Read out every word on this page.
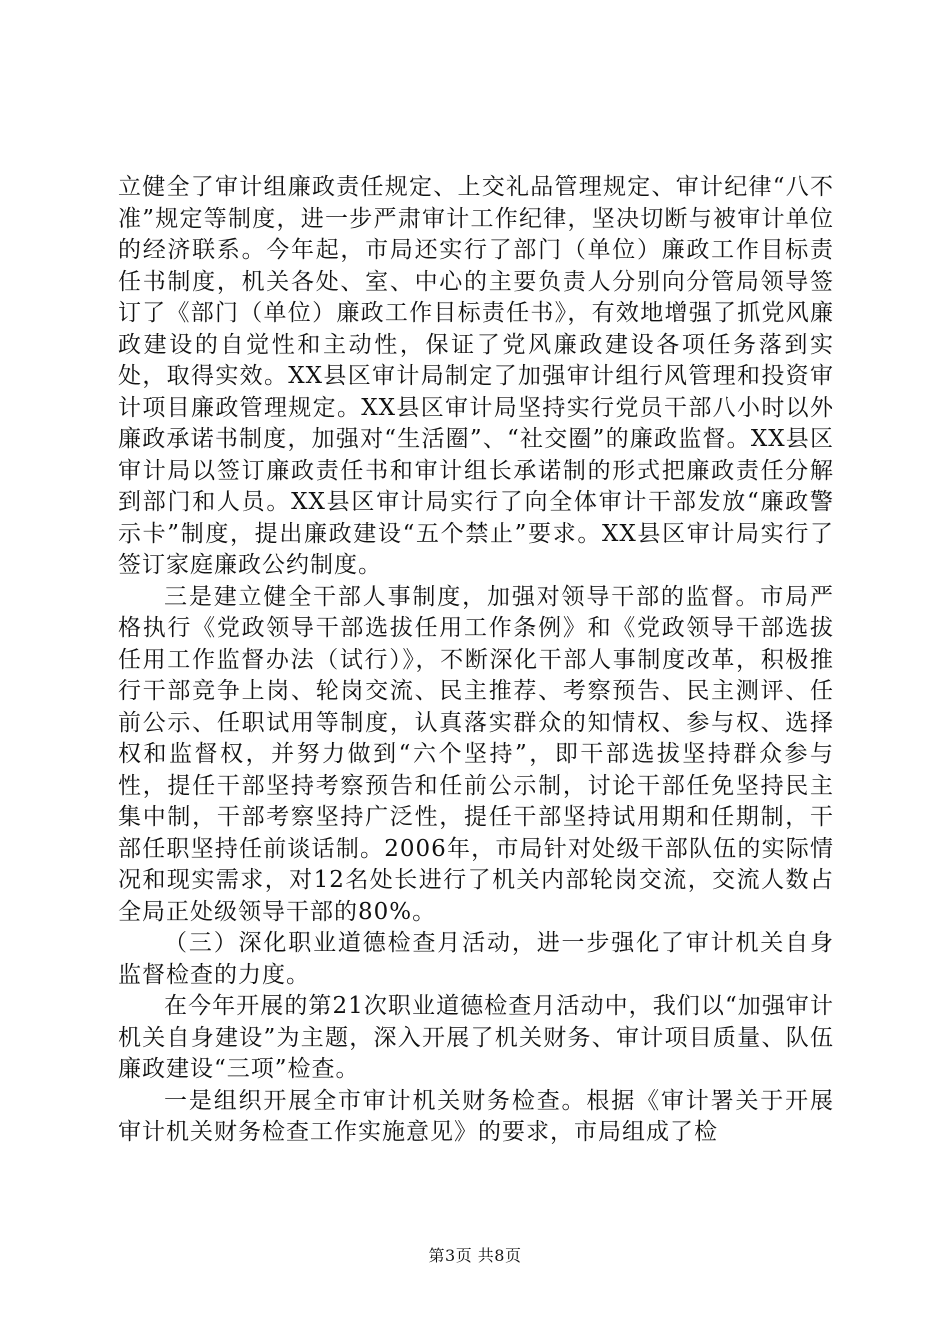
立健全了审计组廉政责任规定、上交礼品管理规定、审计纪律“八不准”规定等制度，进一步严肃审计工作纪律，坚决切断与被审计单位的经济联系。今年起，市局还实行了部门（单位）廉政工作目标责任书制度，机关各处、室、中心的主要负责人分别向分管局领导签订了《部门（单位）廉政工作目标责任书》，有效地增强了抓党风廉政建设的自觉性和主动性，保证了党风廉政建设各项任务落到实处，取得实效。XX县区审计局制定了加强审计组行风管理和投资审计项目廉政管理规定。XX县区审计局坚持实行党员干部八小时以外廉政承诺书制度，加强对“生活圈”、“社交圈”的廉政监督。XX县区审计局以签订廉政责任书和审计组长承诺制的形式把廉政责任分解到部门和人员。XX县区审计局实行了向全体审计干部发放“廉政警示卡”制度，提出廉政建设“五个禁止”要求。XX县区审计局实行了签订家庭廉政公约制度。

三是建立健全干部人事制度，加强对领导干部的监督。市局严格执行《党政领导干部选拔任用工作条例》和《党政领导干部选拔任用工作监督办法（试行）》，不断深化干部人事制度改革，积极推行干部竞争上岗、轮岗交流、民主推荐、考察预告、民主测评、任前公示、任职试用等制度，认真落实群众的知情权、参与权、选择权和监督权，并努力做到“六个坚持”，即干部选拔坚持群众参与性，提任干部坚持考察预告和任前公示制，讨论干部任免坚持民主集中制，干部考察坚持广泛性，提任干部坚持试用期和任期制，干部任职坚持任前谈话制。2006年，市局针对处级干部队伍的实际情况和现实需求，对12名处长进行了机关内部轮岗交流，交流人数占全局正处级领导干部的80%。

（三）深化职业道德检查月活动，进一步强化了审计机关自身监督检查的力度。

在今年开展的第21次职业道德检查月活动中，我们以“加强审计机关自身建设”为主题，深入开展了机关财务、审计项目质量、队伍廉政建设“三项”检查。

一是组织开展全市审计机关财务检查。根据《审计署关于开展审计机关财务检查工作实施意见》的要求，市局组成了检

第3页 共8页
